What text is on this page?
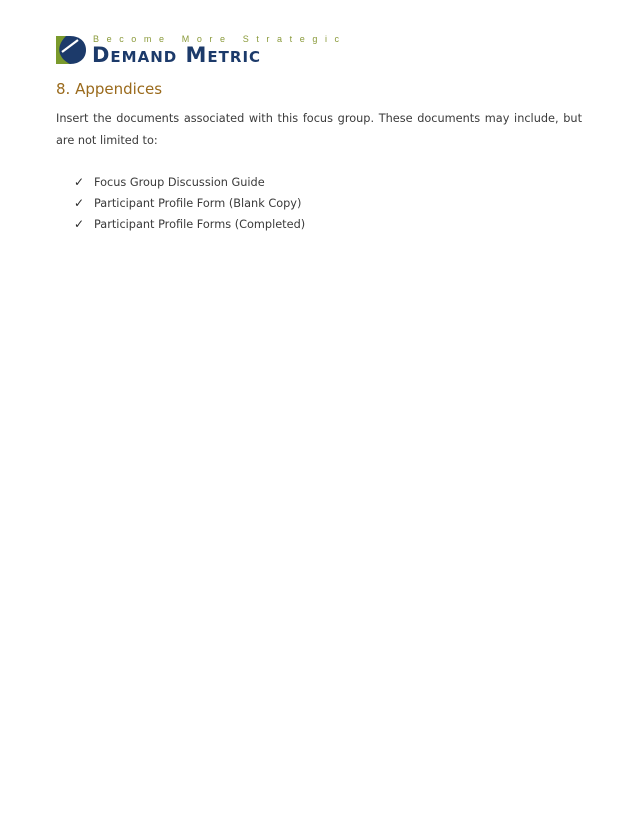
Become More Strategic
Demand Metric
8. Appendices

Insert the documents associated with this focus group. These documents may include, but are not limited to:

✓ Focus Group Discussion Guide
✓ Participant Profile Form (Blank Copy)
✓ Participant Profile Forms (Completed)
